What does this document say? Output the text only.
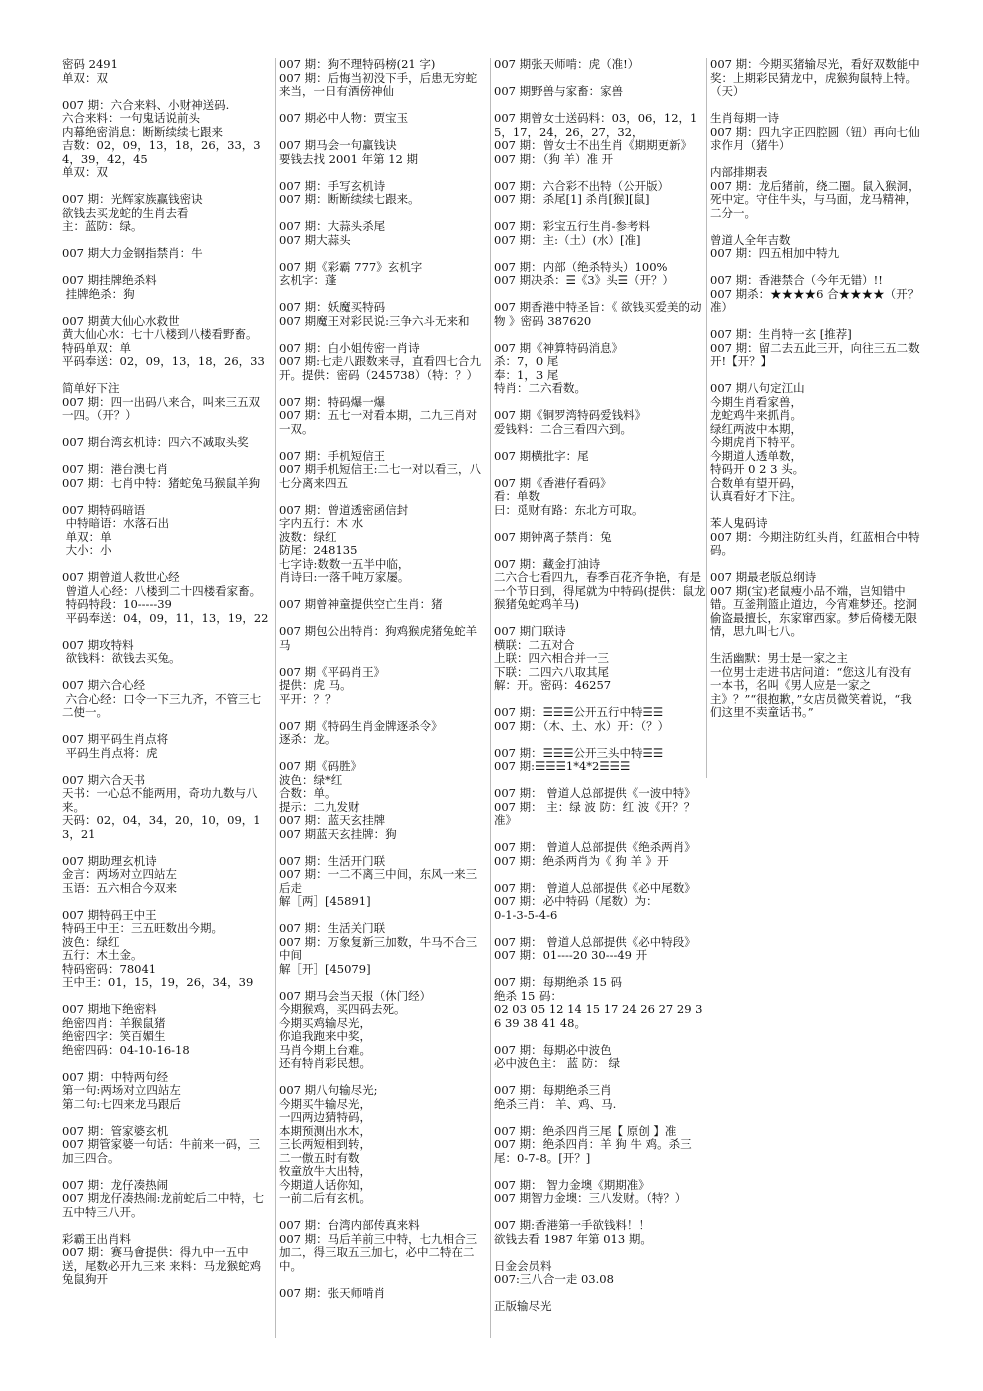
密码 2491
单双：双
007 期：六合来料、小财神送码.
六合来料：一句鬼话说前头
内幕绝密消息：断断续续七跟来
吉数：02，09，13，18，26，33，34，39，42，45
单双：双
007 期：光辉家族赢钱密诀
欲钱去买龙蛇的生肖去看
主：蓝防：绿。
007 期大力金钢指禁肖：牛
007 期挂牌绝杀料
挂牌绝杀：狗
007 期黄大仙心水救世
黄大仙心水：七十八楼到八楼看野畜。
特码单双：单
平码奉送：02，09，13，18，26，33
简单好下注
007 期：四一出码八来合，叫来三五双一四。（开？）
007 期台湾玄机诗：四六不减取头奖
007 期：港台澳七肖
007 期：七肖中特：猪蛇兔马猴鼠羊狗
007 期特码暗语
中特暗语：水落石出
单双：单
大小：小
007 期曾道人救世心经
曾道人心经：八楼到二十四楼看家畜。
特码特段：10-----39
平码奉送：04，09，11，13，19，22
007 期攻特料
欲钱料：欲钱去买兔。
007 期六合心经
六合心经：口令一下三九齐，不管三七二使一。
007 期平码生肖点将
平码生肖点将：虎
007 期六合天书
天书：一心总不能两用，奇功九数与八来。
天码：02，04，34，20，10，09，13，21
007 期助理玄机诗
金言：两场对立四站左
玉语：五六相合今双来
007 期特码王中王
特码王中王：三五旺数出今期。
波色：绿红
五行：木土金。
特码密码：78041
王中王：01，15，19，26，34，39
007 期地下绝密料
绝密四肖：羊猴鼠猪
绝密四字：笑百媚生
绝密四码：04-10-16-18
007 期：中特两句经
第一句:两场对立四站左
第二句:七四来龙马跟后
007 期：管家婆玄机
007 期管家婆一句话：牛前来一码，三加三四合。
007 期：龙仔凑热闹
007 期龙仔凑热闹:龙前蛇后二中特，七五中特三八开。
彩霸王出肖料
007 期：赛马會提供：得九中一五中送，尾数必开九三来 来料：马龙猴蛇鸡兔鼠狗开
007 期：狗不理特码榜(21 字)
007 期：后悔当初没下手，后患无穷蛇来当，一日有酒傍神仙
007 期必中人物：贾宝玉
007 期马会一句赢钱诀
要钱去找 2001 年第 12 期
007 期：手写玄机诗
007 期：断断续续七跟来。
007 期：大蒜头杀尾
007 期大蒜头
007 期《彩霸 777》玄机字
玄机字：蓬
007 期：妖魔买特码
007 期魔王对彩民说:三争六斗无来和
007 期：白小姐传密一肖诗
007 期:七走八跟数来寻，直看四七合九开。提供：密码（245738）（特：？）
007 期：特码爆一爆
007 期：五七一对看本期，二九三肖对一双。
007 期：手机短信王
007 期手机短信王:二七一对以看三，八七分离来四五
007 期：曾道透密函信封
字内五行：木 水
波数：绿红
防尾：248135
七字诗:数数一五半中临，
肖诗曰:一落千吨万家屡。
007 期曾神童提供空亡生肖：猪
007 期包公出特肖：狗鸡猴虎猪兔蛇羊马
007 期《平码肖王》
提供：虎 马。
平开：？？
007 期《特码生肖金牌逐杀令》
逐杀：龙。
007 期《码胜》
波色：绿*红
合数：单。
提示：二九发财
007 期：蓝天玄挂牌
007 期蓝天玄挂牌：狗
007 期：生活开门联
007 期：一二不离三中间，东风一来三后走
解［两］[45891]
007 期：生活关门联
007 期：万象复新三加数，牛马不合三中间
解［开］[45079]
007 期马会当天报（休门经）
今期猴鸡，买四码去死。
今期买鸡输尽光，
你追我跑来中奖，
马肖今期上台难。
还有特肖彩民想。
007 期八句输尽光;
今期买牛输尽光，
一四两边猜特码，
本期预测出水木，
三长两短相到转，
二一傲五时有数
牧童放牛大出特，
今期道人话你知，
一前二后有玄机。
007 期：台湾内部传真来料
007 期：马后羊前三中特，七九相合三加二，得三取五三加七，必中二特在二中。
007 期：张天师啃肖
007 期张天师啃：虎（准!）
007 期野兽与家畜：家兽
007 期曾女士送码料：03，06，12，15，17，24，26，27，32，
007 期：曾女士不出生肖《期期更新》
007 期：（狗 羊）准 开
007 期：六合彩不出特（公开版）
007 期：杀尾[1] 杀肖[猴][鼠]
007 期：彩宝五行生肖-参考料
007 期：主:（土）(水）[准]
007 期：内部（绝杀特头）100%
007 期决杀：☰《3》头☰（开？）
007 期香港中特圣旨：《 欲钱买爱美的动物 》密码 387620
007 期《神算特码消息》
杀：7，0 尾
奉：1，3 尾
特肖：二六看数。
007 期《铜罗湾特码爱钱料》
爱钱料：二合三看四六到。
007 期横批字：尾
007 期《香港仔看码》
看：单数
曰：觅财有路：东北方可取。
007 期钟离子禁肖：兔
007 期：藏金打油诗
二六合七看四九，春季百花齐争艳，有是一个节日到，得尾就为中特码(提供：鼠龙猴猪兔蛇鸡羊马)
007 期门联诗
横联：二五对合
上联：四六相合并一三
下联：二四六八取其尾
解：开。密码：46257
007 期：☰☰☰公开五行中特☰☰
007 期：（木、土、水）开：（？）
007 期：☰☰☰公开三头中特☰☰
007 期:☰☰☰1*4*2☰☰☰
007 期： 曾道人总部提供《一波中特》
007 期： 主：绿 波 防：红 波《开？？准》
007 期： 曾道人总部提供《绝杀两肖》
007 期：绝杀两肖为《 狗 羊 》开
007 期： 曾道人总部提供《必中尾数》
007 期：必中特码（尾数）为：
0-1-3-5-4-6
007 期： 曾道人总部提供《必中特段》
007 期：01----20 30---49 开
007 期：每期绝杀 15 码
绝杀 15 码：
02 03 05 12 14 15 17 24 26 27 29 36 39 38 41 48。
007 期：每期必中波色
必中波色主： 蓝 防： 绿
007 期：每期绝杀三肖
绝杀三肖： 羊、鸡、马.
007 期：绝杀四肖三尾【 原创 】准
007 期：绝杀四肖：羊 狗 牛 鸡。杀三尾：0-7-8。[开？]
007 期： 智力金墺《期期准》
007 期智力金墺：三八发财。（特？）
007 期:香港第一手欲钱料！！
欲钱去看 1987 年第 013 期。
日金会员料
007:三八合一走 03.08
正版输尽光
007 期：今期买猪输尽光，看好双数能中奖：上期彩民猜龙中，虎猴狗鼠特上特。（天）
生肖每期一诗
007 期：四九字正四腔圆（钮）再向七仙求作月（猪牛）
内部排期表
007 期：龙后猪前，绕二圈。鼠入猴洞，死中定。守住牛头，与马面，龙马精神，二分一。
曾道人全年吉数
007 期：四五相加中特九
007 期：香港禁合（今年无错）!!
007 期杀：★★★★6 合★★★★（开？准）
007 期：生肖特一玄 [推荐]
007 期：留二去五此三开，向往三五二数开!【开？】
007 期八句定江山
今期生肖看家兽，
龙蛇鸡牛来抓肖。
绿红两波中本期，
今期虎肖下特平。
今期道人透单数，
特码开 0 2 3 头。
合数单有望开码，
认真看好才下注。
苯人鬼码诗
007 期：今期注防红头肖，红蓝相合中特码。
007 期最老版总纲诗
007 期(宝)老鼠瘦小品不端，岂知错中错。互釜荆篮止道边，今宵难梦还。挖洞偷盗最擅长，东家窜西家。梦后倚楼无限情，思九叫七八。
生活幽默：男士是一家之主
一位男士走进书店问道：“您这儿有没有一本书，名叫《男人应是一家之主》？”“很抱歉，”女店员微笑着说，“我们这里不卖童话书。”
